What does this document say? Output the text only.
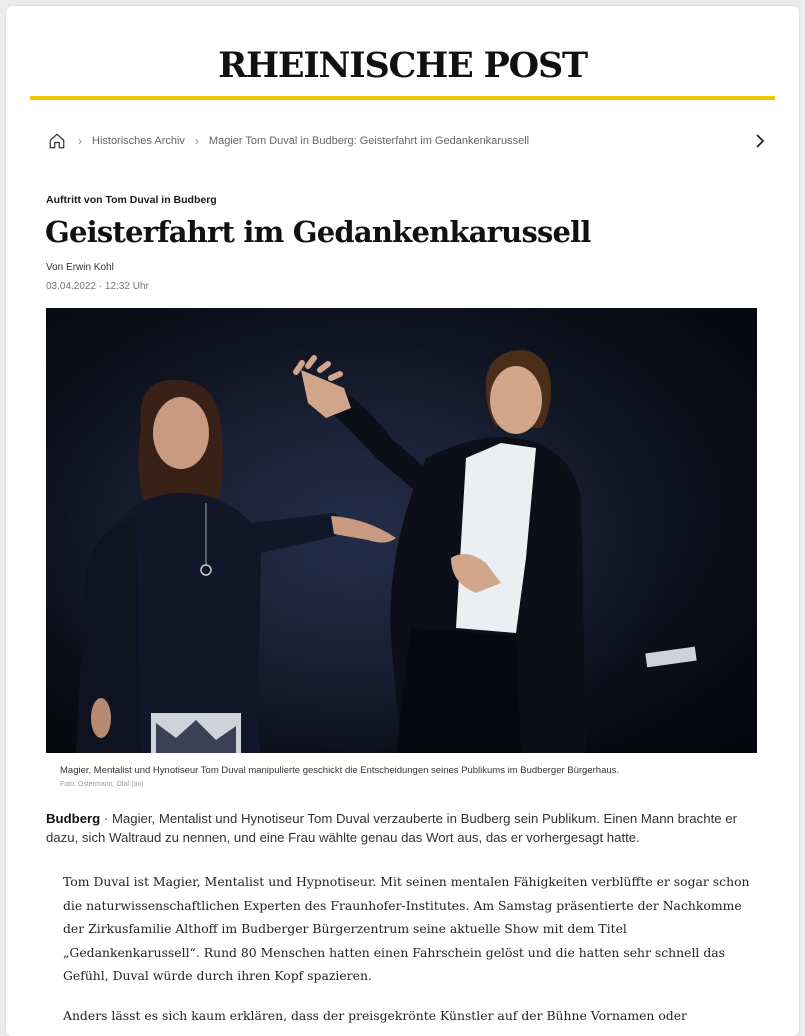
RHEINISCHE POST
› Historisches Archiv › Magier Tom Duval in Budberg: Geisterfahrt im Gedankenkarussell
Auftritt von Tom Duval in Budberg
Geisterfahrt im Gedankenkarussell
Von Erwin Kohl
03.04.2022 · 12:32 Uhr
Magier, Mentalist und Hynotiseur Tom Duval manipulierte geschickt die Entscheidungen seines Publikums im Budberger Bürgerhaus.
Foto: Ostermann, Olaf (oo)

Budberg · Magier, Mentalist und Hynotiseur Tom Duval verzauberte in Budberg sein Publikum. Einen Mann brachte er dazu, sich Waltraud zu nennen, und eine Frau wählte genau das Wort aus, das er vorhergesagt hatte.

Tom Duval ist Magier, Mentalist und Hypnotiseur. Mit seinen mentalen Fähigkeiten verblüffte er sogar schon die naturwissenschaftlichen Experten des Fraunhofer-Institutes. Am Samstag präsentierte der Nachkomme der Zirkusfamilie Althoff im Budberger Bürgerzentrum seine aktuelle Show mit dem Titel „Gedankenkarussell“. Rund 80 Menschen hatten einen Fahrschein gelöst und die hatten sehr schnell das Gefühl, Duval würde durch ihren Kopf spazieren.

Anders lässt es sich kaum erklären, dass der preisgekrönte Künstler auf der Bühne Vornamen oder
